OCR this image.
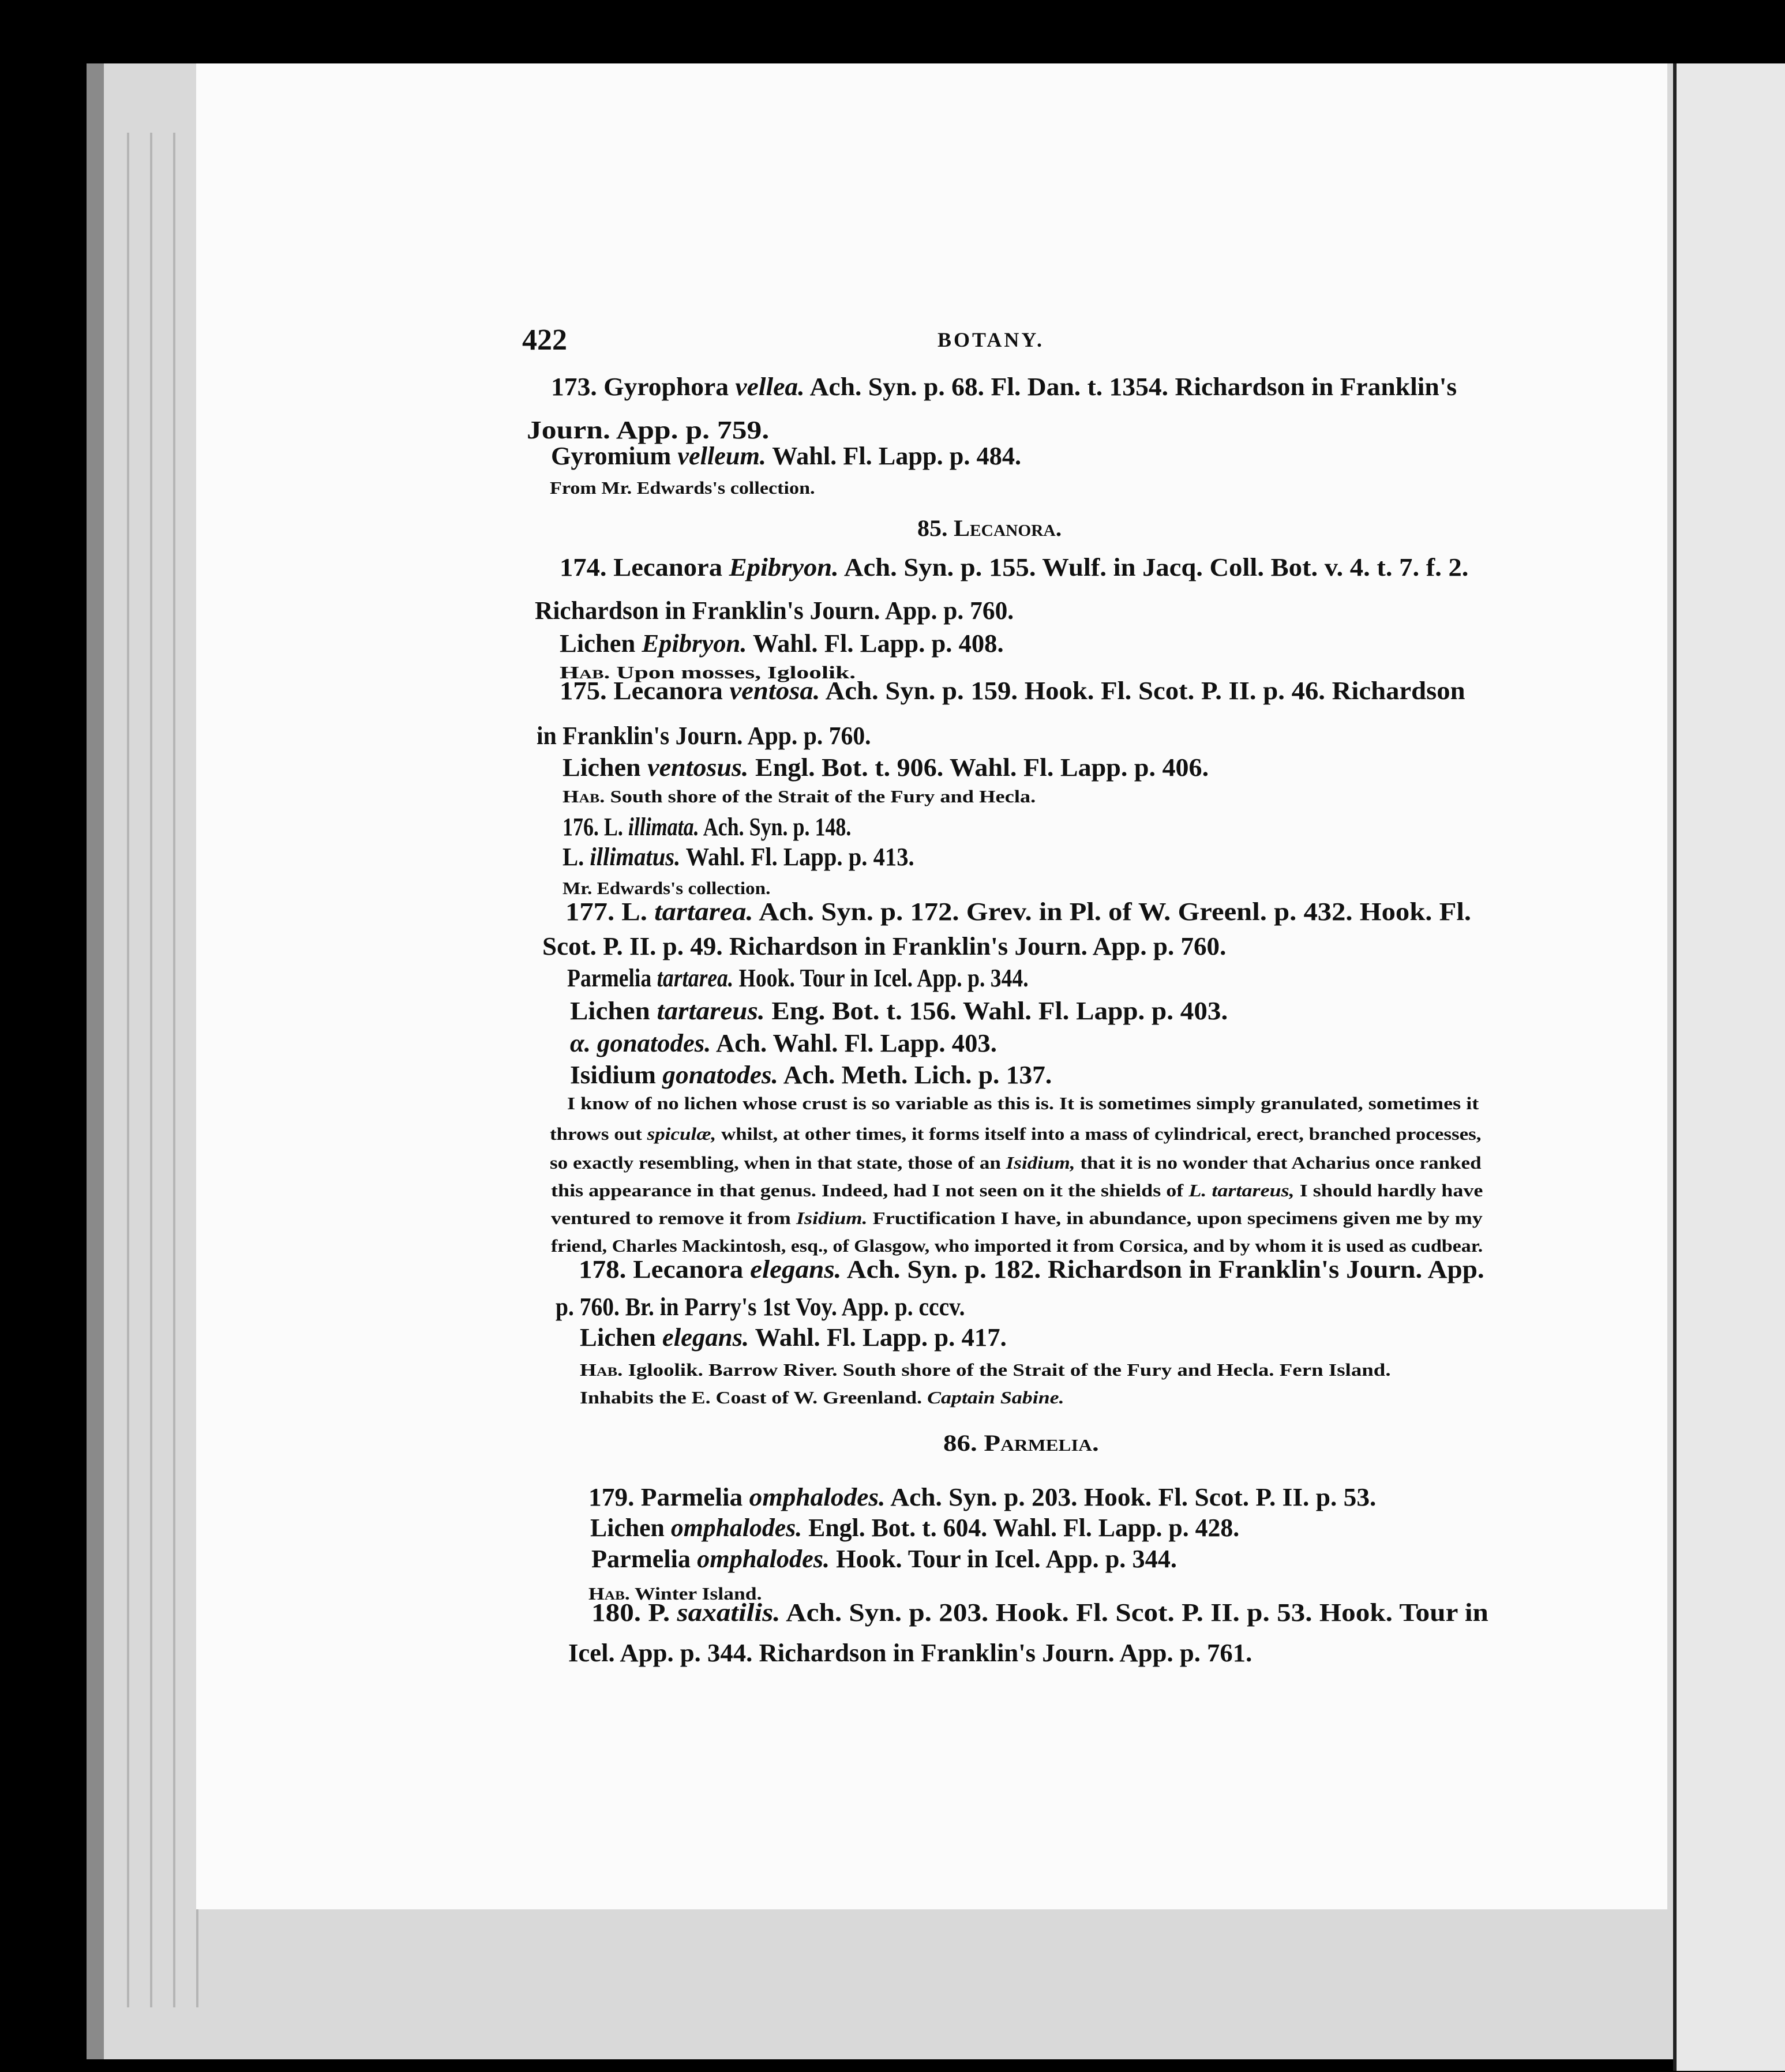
422	BOTANY.
173. Gyrophora vellea. Ach. Syn. p. 68. Fl. Dan. t. 1354. Richardson in Franklin's
Journ. App. p. 759.
Gyromium velleum. Wahl. Fl. Lapp. p. 484.
From Mr. Edwards's collection.
85. Lecanora.
174. Lecanora Epibryon. Ach. Syn. p. 155. Wulf. in Jacq. Coll. Bot. v. 4. t. 7. f. 2.
Richardson in Franklin's Journ. App. p. 760.
Lichen Epibryon. Wahl. Fl. Lapp. p. 408.
Hab. Upon mosses, Igloolik.
175. Lecanora ventosa. Ach. Syn. p. 159. Hook. Fl. Scot. P. II. p. 46. Richardson
in Franklin's Journ. App. p. 760.
Lichen ventosus. Engl. Bot. t. 906. Wahl. Fl. Lapp. p. 406.
Hab. South shore of the Strait of the Fury and Hecla.
176. L. illimata. Ach. Syn. p. 148.
L. illimatus. Wahl. Fl. Lapp. p. 413.
Mr. Edwards's collection.
177. L. tartarea. Ach. Syn. p. 172. Grev. in Pl. of W. Greenl. p. 432. Hook. Fl.
Scot. P. II. p. 49. Richardson in Franklin's Journ. App. p. 760.
Parmelia tartarea. Hook. Tour in Icel. App. p. 344.
Lichen tartareus. Eng. Bot. t. 156. Wahl. Fl. Lapp. p. 403.
α. gonatodes. Ach. Wahl. Fl. Lapp. 403.
Isidium gonatodes. Ach. Meth. Lich. p. 137.
I know of no lichen whose crust is so variable as this is. It is sometimes simply granulated, sometimes it
throws out spiculæ, whilst, at other times, it forms itself into a mass of cylindrical, erect, branched processes,
so exactly resembling, when in that state, those of an Isidium, that it is no wonder that Acharius once ranked
this appearance in that genus. Indeed, had I not seen on it the shields of L. tartareus, I should hardly have
ventured to remove it from Isidium. Fructification I have, in abundance, upon specimens given me by my
friend, Charles Mackintosh, esq., of Glasgow, who imported it from Corsica, and by whom it is used as cudbear.
178. Lecanora elegans. Ach. Syn. p. 182. Richardson in Franklin's Journ. App.
p. 760. Br. in Parry's 1st Voy. App. p. cccv.
Lichen elegans. Wahl. Fl. Lapp. p. 417.
Hab. Igloolik. Barrow River. South shore of the Strait of the Fury and Hecla. Fern Island.
Inhabits the E. Coast of W. Greenland. Captain Sabine.
86. Parmelia.
179. Parmelia omphalodes. Ach. Syn. p. 203. Hook. Fl. Scot. P. II. p. 53.
Lichen omphalodes. Engl. Bot. t. 604. Wahl. Fl. Lapp. p. 428.
Parmelia omphalodes. Hook. Tour in Icel. App. p. 344.
Hab. Winter Island.
180. P. saxatilis. Ach. Syn. p. 203. Hook. Fl. Scot. P. II. p. 53. Hook. Tour in
Icel. App. p. 344. Richardson in Franklin's Journ. App. p. 761.
